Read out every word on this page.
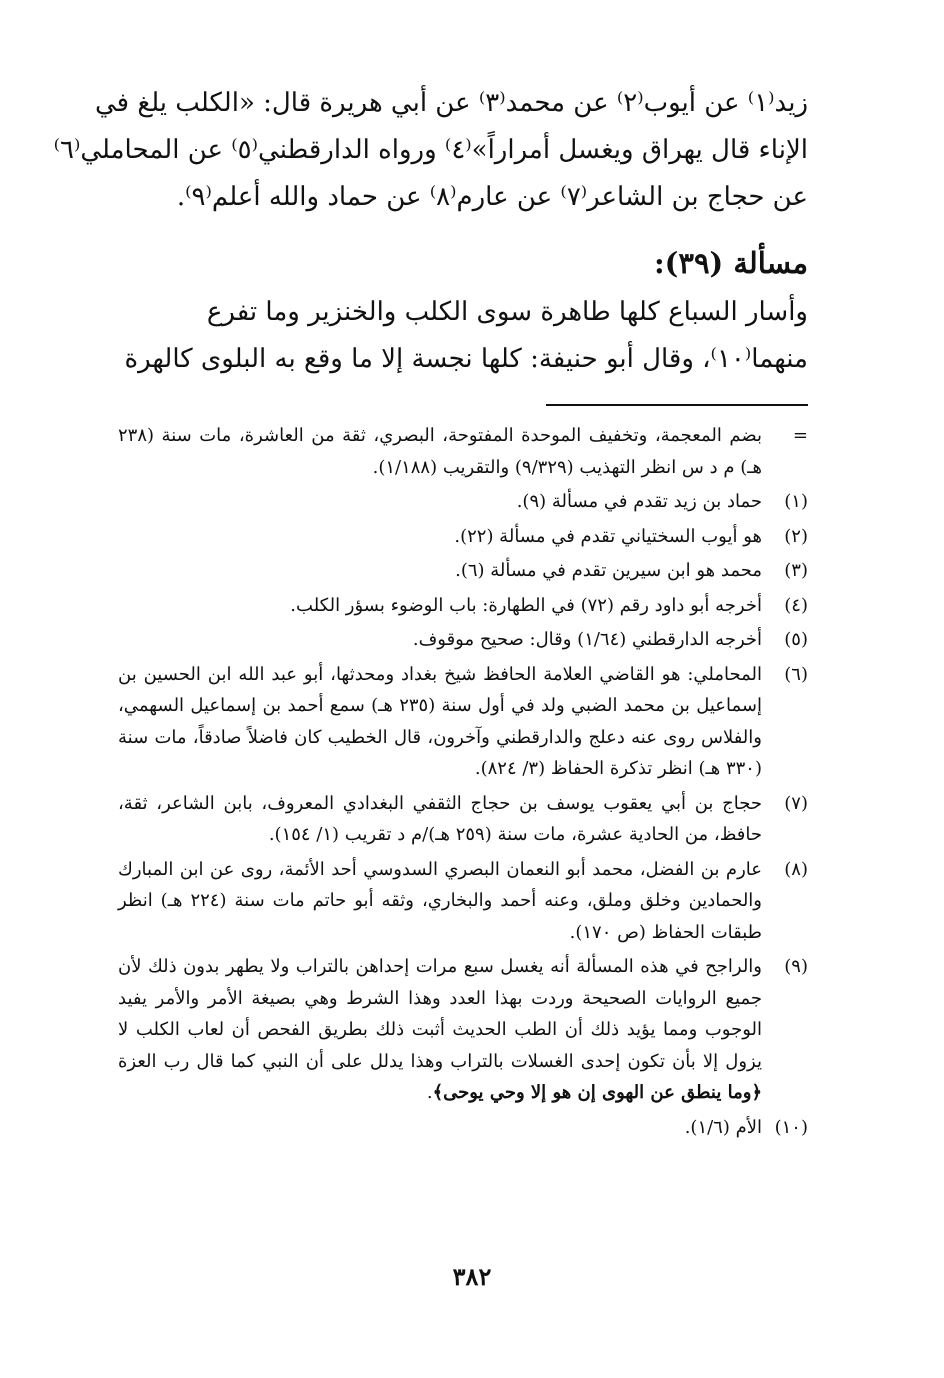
زيد⁽١⁾ عن أيوب⁽٢⁾ عن محمد⁽٣⁾ عن أبي هريرة قال: «الكلب يلغ في
الإناء قال يهراق ويغسل أمراراً»⁽٤⁾ ورواه الدارقطني⁽٥⁾ عن المحاملي⁽٦⁾
عن حجاج بن الشاعر⁽٧⁾ عن عارم⁽٨⁾ عن حماد والله أعلم⁽٩⁾.
مسألة (٣٩):
وأسار السباع كلها طاهرة سوى الكلب والخنزير وما تفرع
منهما⁽١٠⁾، وقال أبو حنيفة: كلها نجسة إلا ما وقع به البلوى كالهرة
=
بضم المعجمة، وتخفيف الموحدة المفتوحة، البصري، ثقة من العاشرة، مات سنة (٢٣٨ هـ) م د س انظر التهذيب (٩/٣٢٩) والتقريب (١/١٨٨).
(١)
حماد بن زيد تقدم في مسألة (٩).
(٢)
هو أيوب السختياني تقدم في مسألة (٢٢).
(٣)
محمد هو ابن سيرين تقدم في مسألة (٦).
(٤)
أخرجه أبو داود رقم (٧٢) في الطهارة: باب الوضوء بسؤر الكلب.
(٥)
أخرجه الدارقطني (١/٦٤) وقال: صحيح موقوف.
(٦)
المحاملي: هو القاضي العلامة الحافظ شيخ بغداد ومحدثها، أبو عبد الله ابن الحسين بن إسماعيل بن محمد الضبي ولد في أول سنة (٢٣٥ هـ) سمع أحمد بن إسماعيل السهمي، والفلاس روى عنه دعلج والدارقطني وآخرون، قال الخطيب كان فاضلاً صادقاً، مات سنة (٣٣٠ هـ) انظر تذكرة الحفاظ (٣/ ٨٢٤).
(٧)
حجاج بن أبي يعقوب يوسف بن حجاج الثقفي البغدادي المعروف، بابن الشاعر، ثقة، حافظ، من الحادية عشرة، مات سنة (٢٥٩ هـ)/م د تقريب (١/ ١٥٤).
(٨)
عارم بن الفضل، محمد أبو النعمان البصري السدوسي أحد الأئمة، روى عن ابن المبارك والحمادين وخلق وملق، وعنه أحمد والبخاري، وثقه أبو حاتم مات سنة (٢٢٤ هـ) انظر طبقات الحفاظ (ص ١٧٠).
(٩)
والراجح في هذه المسألة أنه يغسل سبع مرات إحداهن بالتراب ولا يطهر بدون ذلك لأن جميع الروايات الصحيحة وردت بهذا العدد وهذا الشرط وهي بصيغة الأمر والأمر يفيد الوجوب ومما يؤيد ذلك أن الطب الحديث أثبت ذلك بطريق الفحص أن لعاب الكلب لا يزول إلا بأن تكون إحدى الغسلات بالتراب وهذا يدلل على أن النبي كما قال رب العزة ﴿وما ينطق عن الهوى إن هو إلا وحي يوحى﴾.
(١٠)
الأم (١/٦).
٣٨٢
